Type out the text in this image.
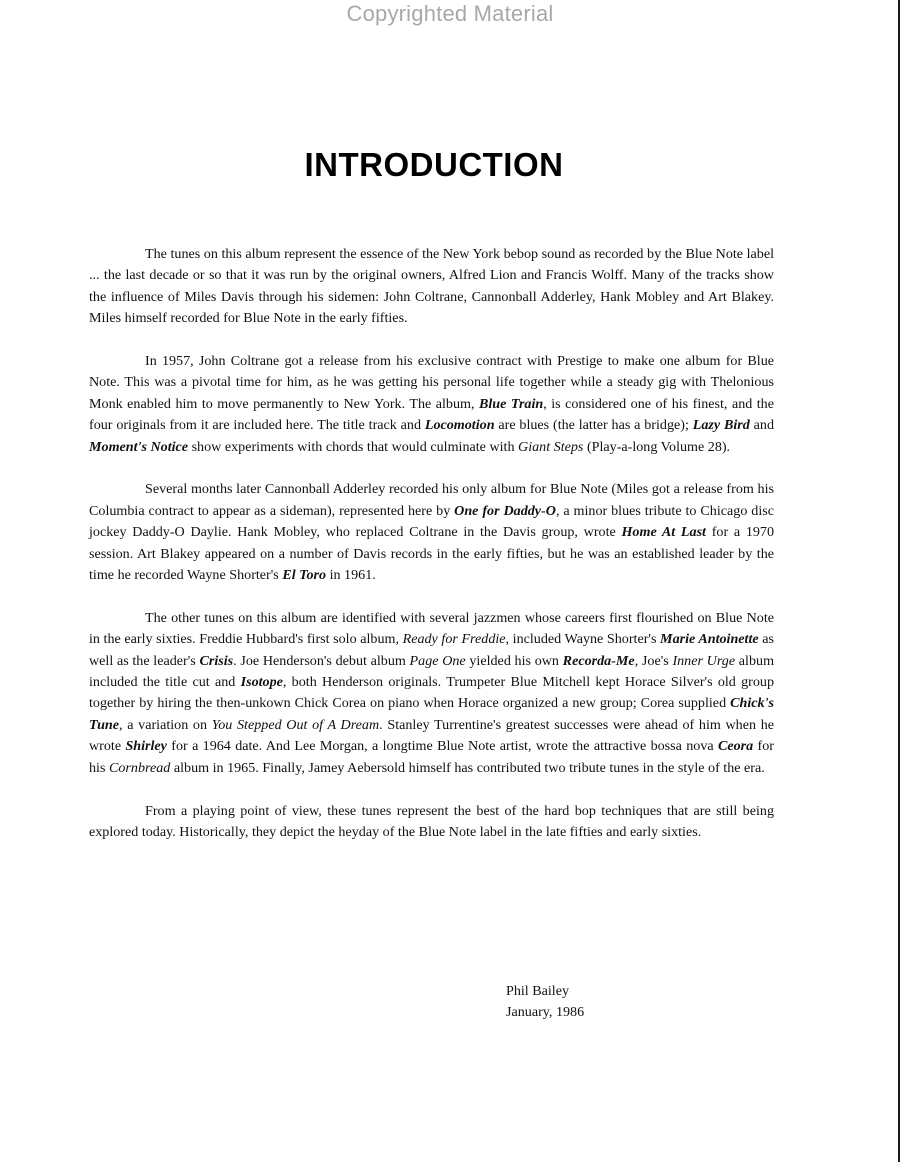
Copyrighted Material
INTRODUCTION

The tunes on this album represent the essence of the New York bebop sound as recorded by the Blue Note label ... the last decade or so that it was run by the original owners, Alfred Lion and Francis Wolff. Many of the tracks show the influence of Miles Davis through his sidemen: John Coltrane, Cannonball Adderley, Hank Mobley and Art Blakey. Miles himself recorded for Blue Note in the early fifties.

In 1957, John Coltrane got a release from his exclusive contract with Prestige to make one album for Blue Note. This was a pivotal time for him, as he was getting his personal life together while a steady gig with Thelonious Monk enabled him to move permanently to New York. The album, Blue Train, is considered one of his finest, and the four originals from it are included here. The title track and Locomotion are blues (the latter has a bridge); Lazy Bird and Moment's Notice show experiments with chords that would culminate with Giant Steps (Play-a-long Volume 28).

Several months later Cannonball Adderley recorded his only album for Blue Note (Miles got a release from his Columbia contract to appear as a sideman), represented here by One for Daddy-O, a minor blues tribute to Chicago disc jockey Daddy-O Daylie. Hank Mobley, who replaced Coltrane in the Davis group, wrote Home At Last for a 1970 session. Art Blakey appeared on a number of Davis records in the early fifties, but he was an established leader by the time he recorded Wayne Shorter's El Toro in 1961.

The other tunes on this album are identified with several jazzmen whose careers first flourished on Blue Note in the early sixties. Freddie Hubbard's first solo album, Ready for Freddie, included Wayne Shorter's Marie Antoinette as well as the leader's Crisis. Joe Henderson's debut album Page One yielded his own Recorda-Me, Joe's Inner Urge album included the title cut and Isotope, both Henderson originals. Trumpeter Blue Mitchell kept Horace Silver's old group together by hiring the then-unkown Chick Corea on piano when Horace organized a new group; Corea supplied Chick's Tune, a variation on You Stepped Out of A Dream. Stanley Turrentine's greatest successes were ahead of him when he wrote Shirley for a 1964 date. And Lee Morgan, a longtime Blue Note artist, wrote the attractive bossa nova Ceora for his Cornbread album in 1965. Finally, Jamey Aebersold himself has contributed two tribute tunes in the style of the era.

From a playing point of view, these tunes represent the best of the hard bop techniques that are still being explored today. Historically, they depict the heyday of the Blue Note label in the late fifties and early sixties.

Phil Bailey
January, 1986
